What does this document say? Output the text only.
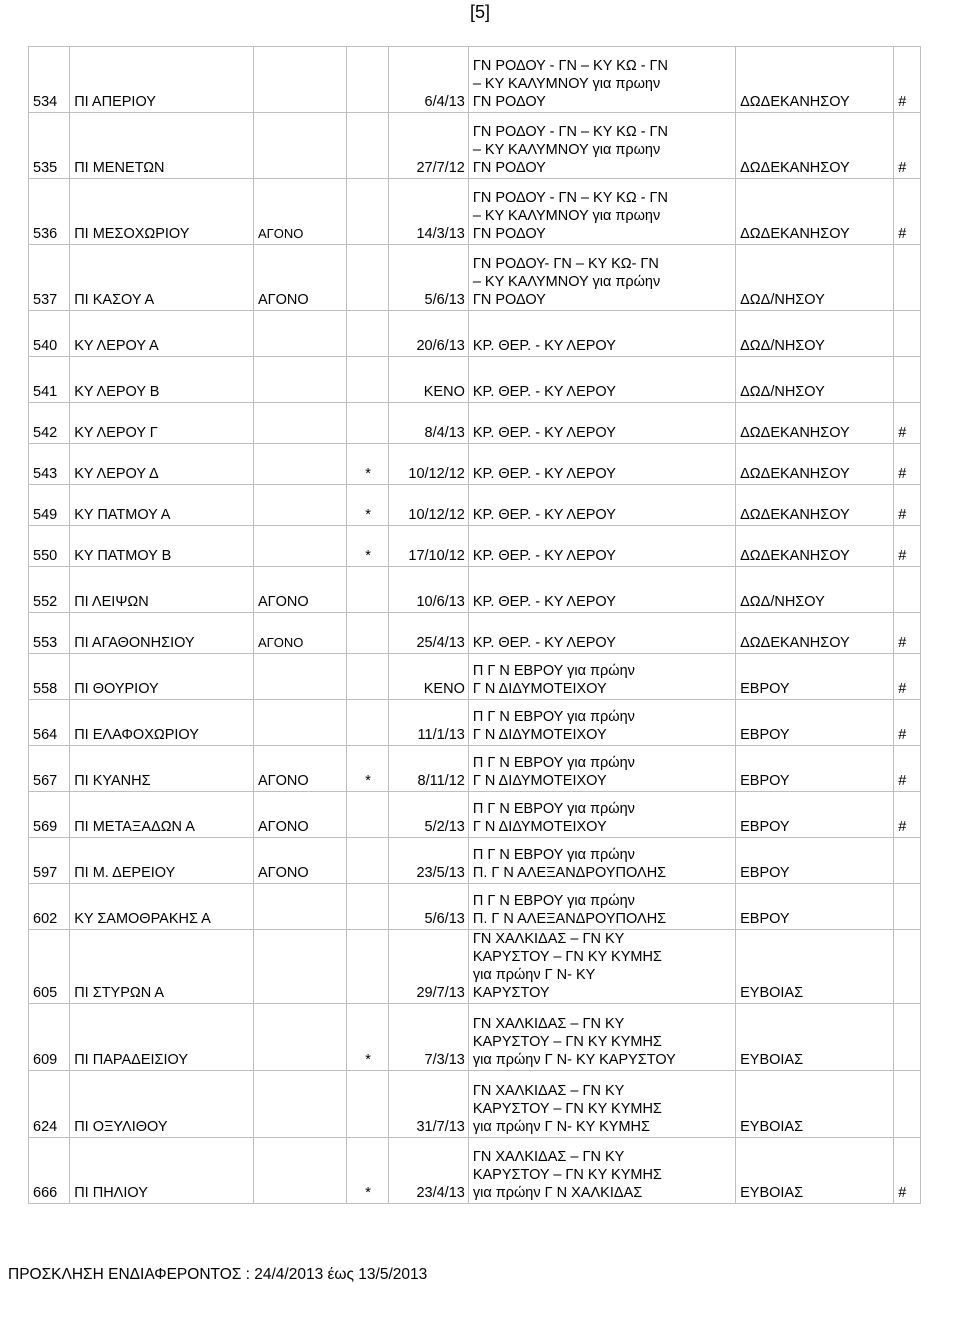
[5]
534	ΠΙ ΑΠΕΡΙΟΥ			6/4/13	ΓΝ ΡΟΔΟΥ - ΓΝ – ΚΥ ΚΩ - ΓΝ
– ΚΥ ΚΑΛΥΜΝΟΥ για πρωην
ΓΝ ΡΟΔΟΥ	ΔΩΔΕΚΑΝΗΣΟΥ	#
535	ΠΙ ΜΕΝΕΤΩΝ			27/7/12	ΓΝ ΡΟΔΟΥ - ΓΝ – ΚΥ ΚΩ - ΓΝ
– ΚΥ ΚΑΛΥΜΝΟΥ για πρωην
ΓΝ ΡΟΔΟΥ	ΔΩΔΕΚΑΝΗΣΟΥ	#
536	ΠΙ ΜΕΣΟΧΩΡΙΟΥ	ΑΓΟΝΟ		14/3/13	ΓΝ ΡΟΔΟΥ - ΓΝ – ΚΥ ΚΩ - ΓΝ
– ΚΥ ΚΑΛΥΜΝΟΥ για πρωην
ΓΝ ΡΟΔΟΥ	ΔΩΔΕΚΑΝΗΣΟΥ	#
537	ΠΙ ΚΑΣΟΥ Α	ΑΓΟΝΟ		5/6/13	ΓΝ ΡΟΔΟΥ- ΓΝ – ΚΥ ΚΩ- ΓΝ
– ΚΥ ΚΑΛΥΜΝΟΥ για πρώην
ΓΝ ΡΟΔΟΥ	ΔΩΔ/ΝΗΣΟΥ	
540	ΚΥ ΛΕΡΟΥ Α			20/6/13	ΚΡ. ΘΕΡ. - ΚΥ ΛΕΡΟΥ	ΔΩΔ/ΝΗΣΟΥ	
541	ΚΥ ΛΕΡΟΥ Β			ΚΕΝΟ	ΚΡ. ΘΕΡ. - ΚΥ ΛΕΡΟΥ	ΔΩΔ/ΝΗΣΟΥ	
542	ΚΥ ΛΕΡΟΥ Γ			8/4/13	ΚΡ. ΘΕΡ. - ΚΥ ΛΕΡΟΥ	ΔΩΔΕΚΑΝΗΣΟΥ	#
543	ΚΥ ΛΕΡΟΥ Δ		*	10/12/12	ΚΡ. ΘΕΡ. - ΚΥ ΛΕΡΟΥ	ΔΩΔΕΚΑΝΗΣΟΥ	#
549	ΚΥ ΠΑΤΜΟΥ Α		*	10/12/12	ΚΡ. ΘΕΡ. - ΚΥ ΛΕΡΟΥ	ΔΩΔΕΚΑΝΗΣΟΥ	#
550	ΚΥ ΠΑΤΜΟΥ Β		*	17/10/12	ΚΡ. ΘΕΡ. - ΚΥ ΛΕΡΟΥ	ΔΩΔΕΚΑΝΗΣΟΥ	#
552	ΠΙ ΛΕΙΨΩΝ	ΑΓΟΝΟ		10/6/13	ΚΡ. ΘΕΡ. - ΚΥ ΛΕΡΟΥ	ΔΩΔ/ΝΗΣΟΥ	
553	ΠΙ ΑΓΑΘΟΝΗΣΙΟΥ	ΑΓΟΝΟ		25/4/13	ΚΡ. ΘΕΡ. - ΚΥ ΛΕΡΟΥ	ΔΩΔΕΚΑΝΗΣΟΥ	#
558	ΠΙ ΘΟΥΡΙΟΥ			ΚΕΝΟ	Π Γ Ν ΕΒΡΟΥ για πρώην
Γ Ν ΔΙΔΥΜΟΤΕΙΧΟΥ	ΕΒΡΟΥ	#
564	ΠΙ ΕΛΑΦΟΧΩΡΙΟΥ			11/1/13	Π Γ Ν ΕΒΡΟΥ για πρώην
Γ Ν ΔΙΔΥΜΟΤΕΙΧΟΥ	ΕΒΡΟΥ	#
567	ΠΙ ΚΥΑΝΗΣ	ΑΓΟΝΟ	*	8/11/12	Π Γ Ν ΕΒΡΟΥ για πρώην
Γ Ν ΔΙΔΥΜΟΤΕΙΧΟΥ	ΕΒΡΟΥ	#
569	ΠΙ ΜΕΤΑΞΑΔΩΝ Α	ΑΓΟΝΟ		5/2/13	Π Γ Ν ΕΒΡΟΥ για πρώην
Γ Ν ΔΙΔΥΜΟΤΕΙΧΟΥ	ΕΒΡΟΥ	#
597	ΠΙ Μ. ΔΕΡΕΙΟΥ	ΑΓΟΝΟ		23/5/13	Π Γ Ν ΕΒΡΟΥ για πρώην
Π. Γ Ν ΑΛΕΞΑΝΔΡΟΥΠΟΛΗΣ	ΕΒΡΟΥ	
602	ΚΥ ΣΑΜΟΘΡΑΚΗΣ Α			5/6/13	Π Γ Ν ΕΒΡΟΥ για πρώην
Π. Γ Ν ΑΛΕΞΑΝΔΡΟΥΠΟΛΗΣ	ΕΒΡΟΥ	
605	ΠΙ ΣΤΥΡΩΝ Α			29/7/13	ΓΝ ΧΑΛΚΙΔΑΣ – ΓΝ ΚΥ
ΚΑΡΥΣΤΟΥ – ΓΝ ΚΥ ΚΥΜΗΣ
για πρώην Γ Ν- ΚΥ
ΚΑΡΥΣΤΟΥ	ΕΥΒΟΙΑΣ	
609	ΠΙ ΠΑΡΑΔΕΙΣΙΟΥ		*	7/3/13	ΓΝ ΧΑΛΚΙΔΑΣ – ΓΝ ΚΥ
ΚΑΡΥΣΤΟΥ – ΓΝ ΚΥ ΚΥΜΗΣ
για πρώην Γ Ν- ΚΥ ΚΑΡΥΣΤΟΥ	ΕΥΒΟΙΑΣ	
624	ΠΙ ΟΞΥΛΙΘΟΥ			31/7/13	ΓΝ ΧΑΛΚΙΔΑΣ – ΓΝ ΚΥ
ΚΑΡΥΣΤΟΥ – ΓΝ ΚΥ ΚΥΜΗΣ
για πρώην Γ Ν- ΚΥ ΚΥΜΗΣ	ΕΥΒΟΙΑΣ	
666	ΠΙ ΠΗΛΙΟΥ		*	23/4/13	ΓΝ ΧΑΛΚΙΔΑΣ – ΓΝ ΚΥ
ΚΑΡΥΣΤΟΥ – ΓΝ ΚΥ ΚΥΜΗΣ
για πρώην Γ Ν ΧΑΛΚΙΔΑΣ	ΕΥΒΟΙΑΣ	#
ΠΡΟΣΚΛΗΣΗ ΕΝΔΙΑΦΕΡΟΝΤΟΣ : 24/4/2013 έως 13/5/2013
